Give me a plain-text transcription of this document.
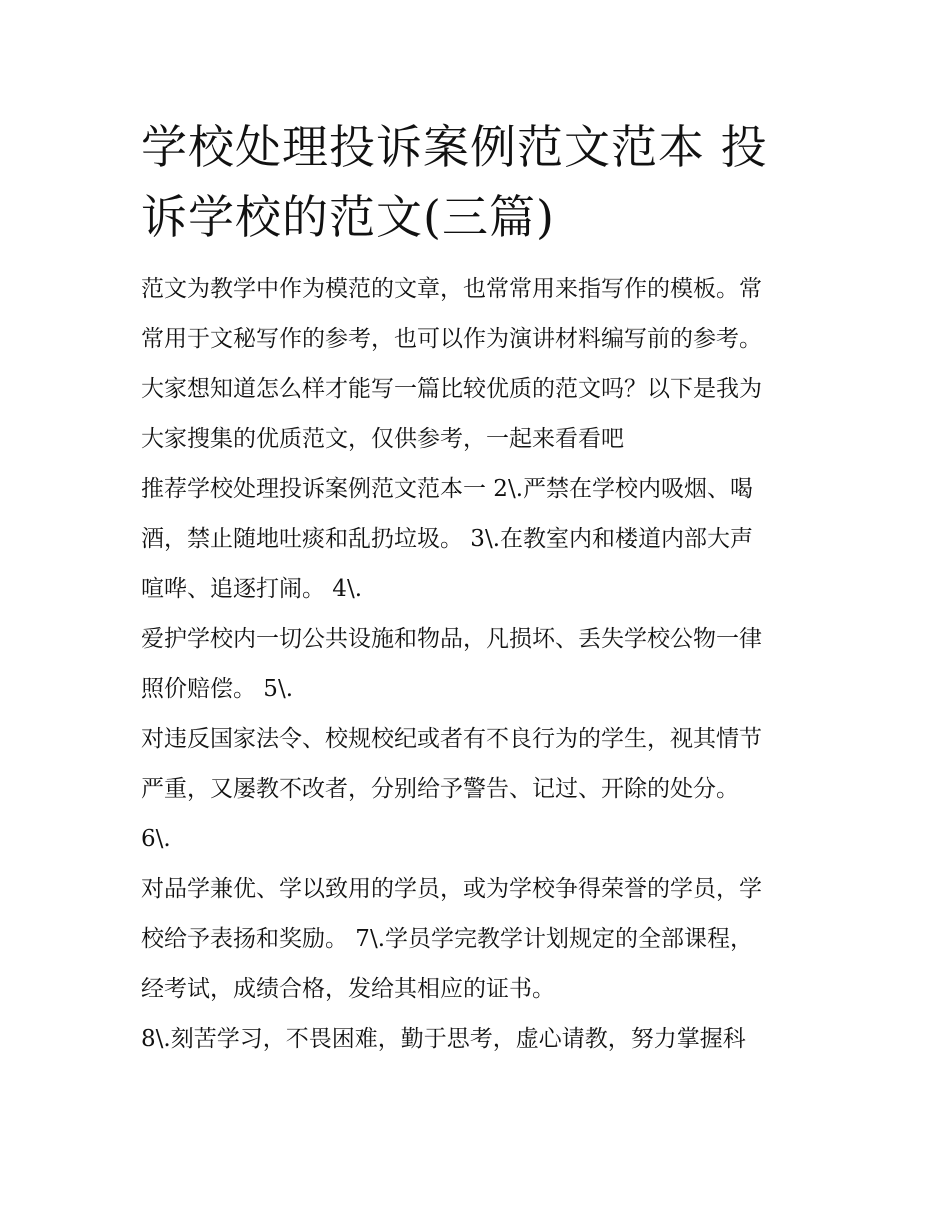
学校处理投诉案例范文范本 投
诉学校的范文(三篇)
范文为教学中作为模范的文章，也常常用来指写作的模板。常
常用于文秘写作的参考，也可以作为演讲材料编写前的参考。
大家想知道怎么样才能写一篇比较优质的范文吗？以下是我为
大家搜集的优质范文，仅供参考，一起来看看吧
推荐学校处理投诉案例范文范本一 2\.严禁在学校内吸烟、喝
酒，禁止随地吐痰和乱扔垃圾。 3\.在教室内和楼道内部大声
喧哗、追逐打闹。 4\.
爱护学校内一切公共设施和物品，凡损坏、丢失学校公物一律
照价赔偿。 5\.
对违反国家法令、校规校纪或者有不良行为的学生，视其情节
严重，又屡教不改者，分别给予警告、记过、开除的处分。
6\.
对品学兼优、学以致用的学员，或为学校争得荣誉的学员，学
校给予表扬和奖励。 7\.学员学完教学计划规定的全部课程，
经考试，成绩合格，发给其相应的证书。
8\.刻苦学习，不畏困难，勤于思考，虚心请教，努力掌握科
